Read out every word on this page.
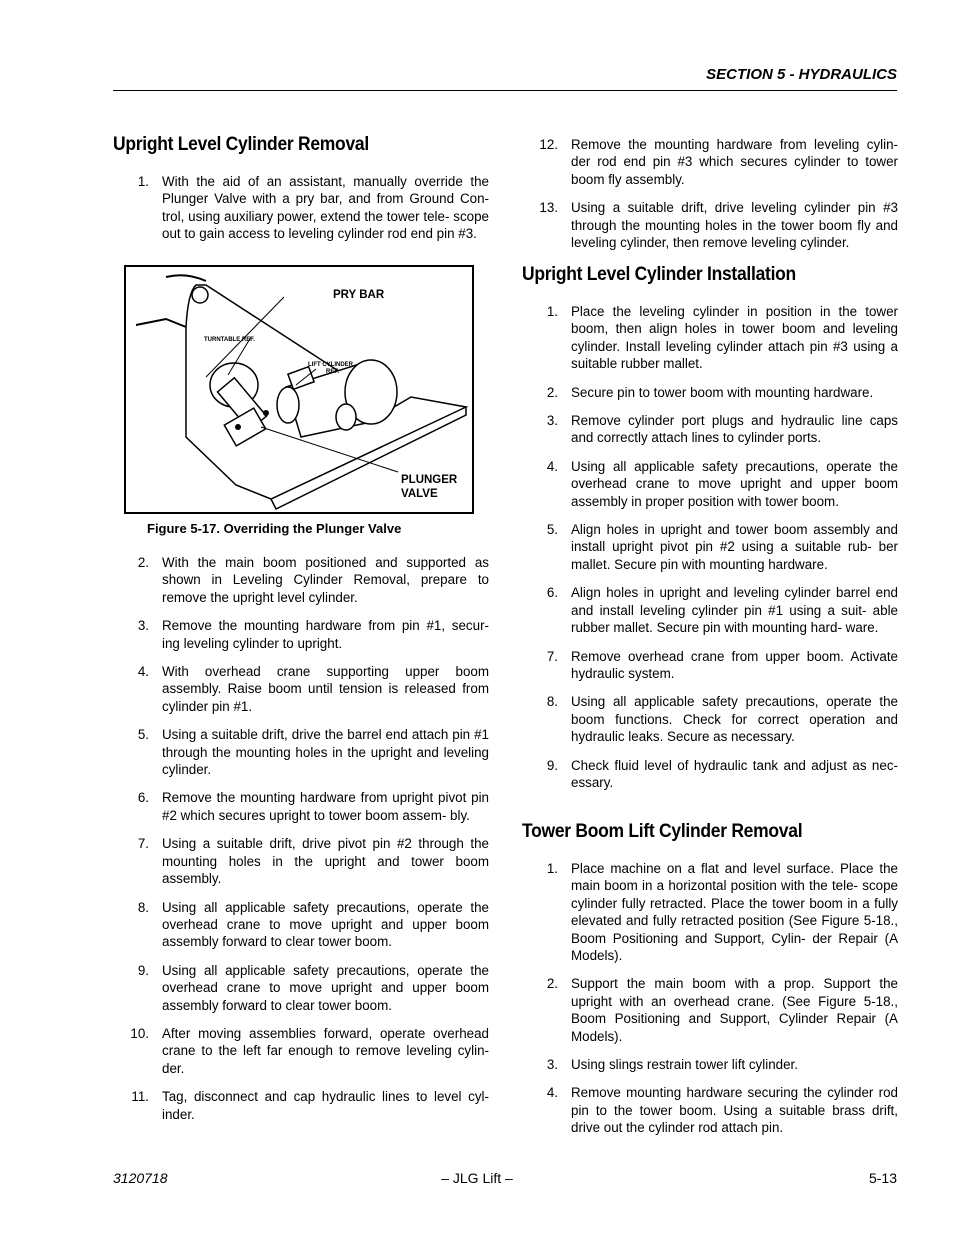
SECTION 5 - HYDRAULICS
Upright Level Cylinder Removal
1. With the aid of an assistant, manually override the Plunger Valve with a pry bar, and from Ground Con- trol, using auxiliary power, extend the tower tele- scope out to gain access to leveling cylinder rod end pin #3.
PRY BAR
TURNTABLE REF.
LIFT CYLINDER
REF.
PLUNGER
VALVE
Figure 5-17. Overriding the Plunger Valve
2. With the main boom positioned and supported as shown in Leveling Cylinder Removal, prepare to remove the upright level cylinder.
3. Remove the mounting hardware from pin #1, secur- ing leveling cylinder to upright.
4. With overhead crane supporting upper boom assembly. Raise boom until tension is released from cylinder pin #1.
5. Using a suitable drift, drive the barrel end attach pin #1 through the mounting holes in the upright and leveling cylinder.
6. Remove the mounting hardware from upright pivot pin #2 which secures upright to tower boom assem- bly.
7. Using a suitable drift, drive pivot pin #2 through the mounting holes in the upright and tower boom assembly.
8. Using all applicable safety precautions, operate the overhead crane to move upright and upper boom assembly forward to clear tower boom.
9. Using all applicable safety precautions, operate the overhead crane to move upright and upper boom assembly forward to clear tower boom.
10. After moving assemblies forward, operate overhead crane to the left far enough to remove leveling cylin- der.
11. Tag, disconnect and cap hydraulic lines to level cyl- inder.
12. Remove the mounting hardware from leveling cylin- der rod end pin #3 which secures cylinder to tower boom fly assembly.
13. Using a suitable drift, drive leveling cylinder pin #3 through the mounting holes in the tower boom fly and leveling cylinder, then remove leveling cylinder.
Upright Level Cylinder Installation
1. Place the leveling cylinder in position in the tower boom, then align holes in tower boom and leveling cylinder. Install leveling cylinder attach pin #3 using a suitable rubber mallet.
2. Secure pin to tower boom with mounting hardware.
3. Remove cylinder port plugs and hydraulic line caps and correctly attach lines to cylinder ports.
4. Using all applicable safety precautions, operate the overhead crane to move upright and upper boom assembly in proper position with tower boom.
5. Align holes in upright and tower boom assembly and install upright pivot pin #2 using a suitable rub- ber mallet. Secure pin with mounting hardware.
6. Align holes in upright and leveling cylinder barrel end and install leveling cylinder pin #1 using a suit- able rubber mallet. Secure pin with mounting hard- ware.
7. Remove overhead crane from upper boom. Activate hydraulic system.
8. Using all applicable safety precautions, operate the boom functions. Check for correct operation and hydraulic leaks. Secure as necessary.
9. Check fluid level of hydraulic tank and adjust as nec- essary.
Tower Boom Lift Cylinder Removal
1. Place machine on a flat and level surface. Place the main boom in a horizontal position with the tele- scope cylinder fully retracted. Place the tower boom in a fully elevated and fully retracted position (See Figure 5-18., Boom Positioning and Support, Cylin- der Repair (A Models).
2. Support the main boom with a prop. Support the upright with an overhead crane. (See Figure 5-18., Boom Positioning and Support, Cylinder Repair (A Models).
3. Using slings restrain tower lift cylinder.
4. Remove mounting hardware securing the cylinder rod pin to the tower boom. Using a suitable brass drift, drive out the cylinder rod attach pin.
3120718	– JLG Lift –	5-13
